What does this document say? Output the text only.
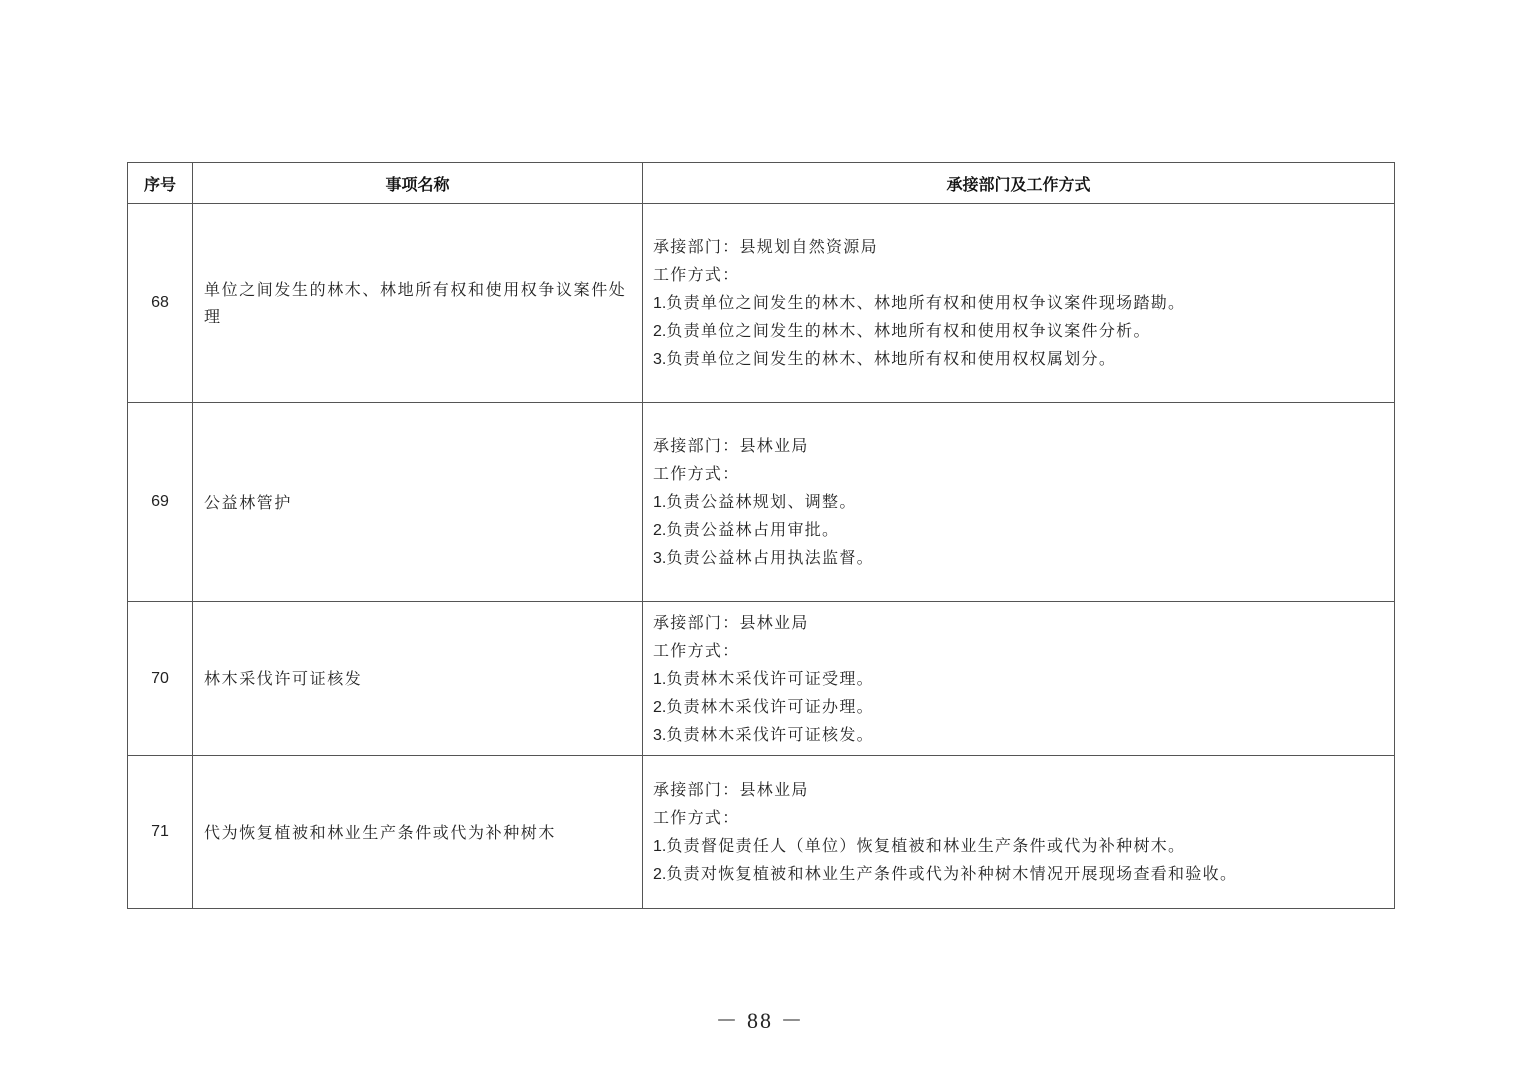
序号	事项名称	承接部门及工作方式
68	单位之间发生的林木、林地所有权和使用权争议案件处理	承接部门：县规划自然资源局
工作方式：
1.负责单位之间发生的林木、林地所有权和使用权争议案件现场踏勘。
2.负责单位之间发生的林木、林地所有权和使用权争议案件分析。
3.负责单位之间发生的林木、林地所有权和使用权权属划分。

69	公益林管护	承接部门：县林业局
工作方式：
1.负责公益林规划、调整。
2.负责公益林占用审批。
3.负责公益林占用执法监督。

70	林木采伐许可证核发	承接部门：县林业局
工作方式：
1.负责林木采伐许可证受理。
2.负责林木采伐许可证办理。
3.负责林木采伐许可证核发。

71	代为恢复植被和林业生产条件或代为补种树木	承接部门：县林业局
工作方式：
1.负责督促责任人（单位）恢复植被和林业生产条件或代为补种树木。
2.负责对恢复植被和林业生产条件或代为补种树木情况开展现场查看和验收。
－ 88 －
